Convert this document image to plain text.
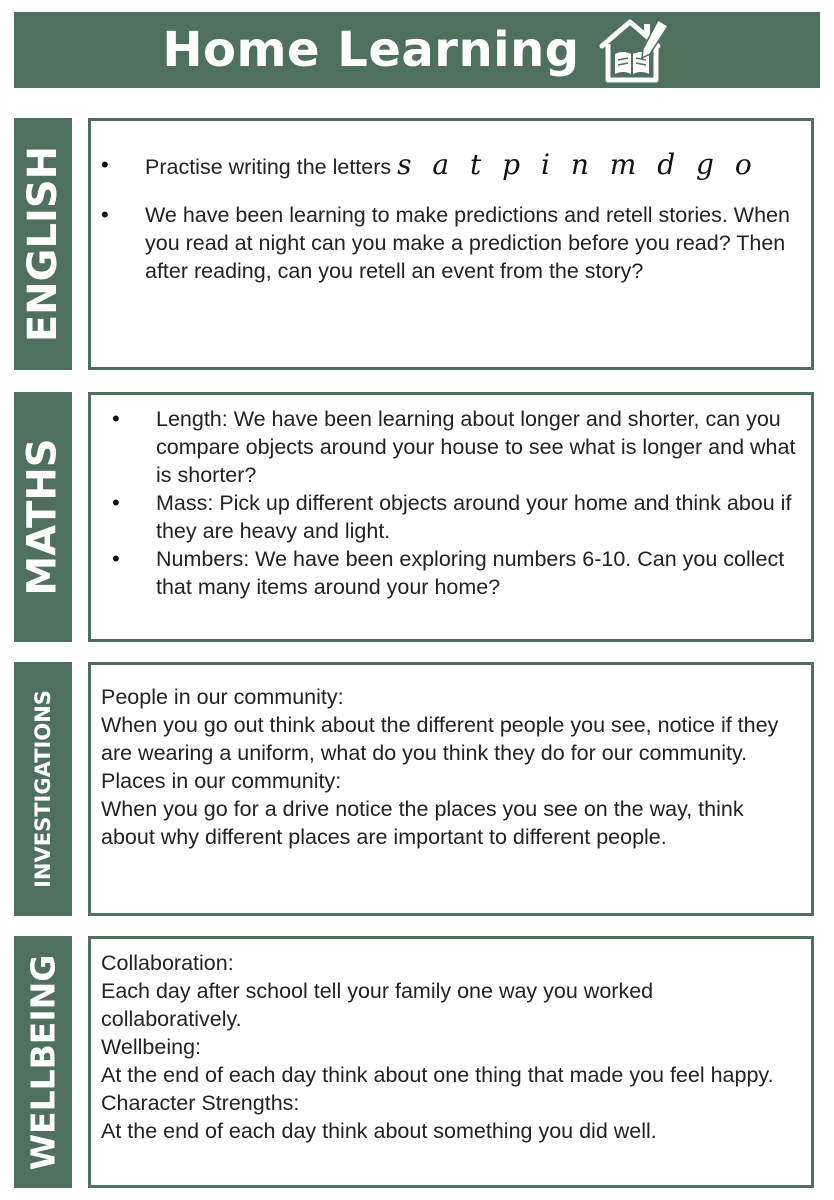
Home Learning
ENGLISH
•	Practise writing the letters s a t p i n m d g o
• We have been learning to make predictions and retell stories. When you read at night can you make a prediction before you read? Then after reading, can you retell an event from the story?
MATHS
• Length: We have been learning about longer and shorter, can you compare objects around your house to see what is longer and what is shorter?
• Mass: Pick up different objects around your home and think abou if they are heavy and light.
• Numbers: We have been exploring numbers 6-10. Can you collect that many items around your home?
INVESTIGATIONS People in our community:

When you go out think about the different people you see, notice if they are wearing a uniform, what do you think they do for our community.

Places in our community:

When you go for a drive notice the places you see on the way, think about why different places are important to different people.

WELLBEING Collaboration:

Each day after school tell your family one way you worked collaboratively.

Wellbeing:

At the end of each day think about one thing that made you feel happy.

Character Strengths:

At the end of each day think about something you did well.
